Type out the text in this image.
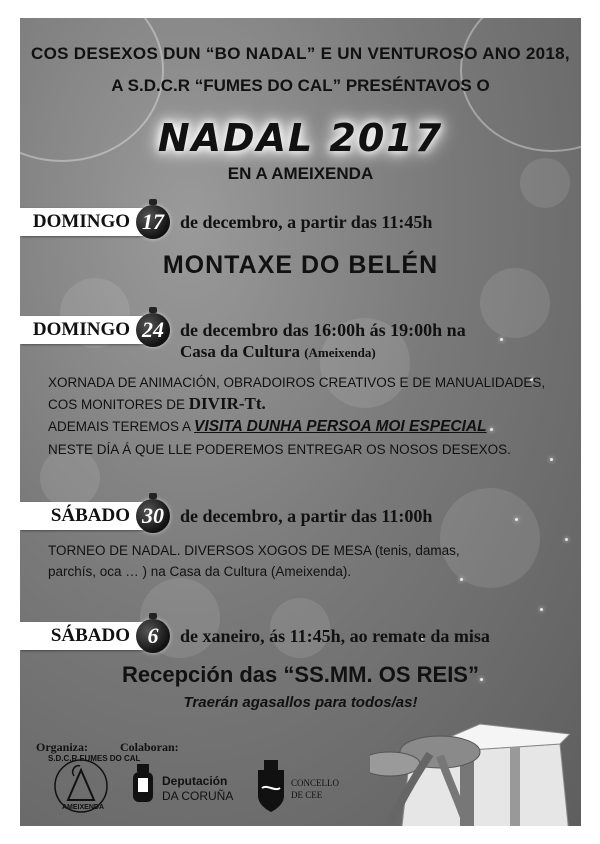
COS DESEXOS DUN “BO NADAL” E UN VENTUROSO ANO 2018,
A S.D.C.R “FUMES DO CAL” PRESÉNTAVOS O
NADAL 2017
EN A AMEIXENDA
DOMINGO 17 de decembro, a partir das 11:45h
MONTAXE DO BELÉN
DOMINGO 24 de decembro das 16:00h ás 19:00h na
Casa da Cultura (Ameixenda)
XORNADA DE ANIMACIÓN, OBRADOIROS CREATIVOS E DE MANUALIDADES,
COS MONITORES DE DIVIR-Tt.
ADEMAIS TEREMOS A VISITA DUNHA PERSOA MOI ESPECIAL
NESTE DÍA Á QUE LLE PODEREMOS ENTREGAR OS NOSOS DESEXOS.
SÁBADO 30 de decembro, a partir das 11:00h
TORNEO DE NADAL. DIVERSOS XOGOS DE MESA (tenis, damas,
parchís, oca … ) na Casa da Cultura (Ameixenda).
SÁBADO 6 de xaneiro, ás 11:45h, ao remate da misa
Recepción das “SS.MM. OS REIS”
Traerán agasallos para todos/as!
Organiza:	Colaboran:
S.D.C.R FUMES DO CAL
AMEIXENDA
Deputación
DA CORUÑA
CONCELLO
DE CEE
